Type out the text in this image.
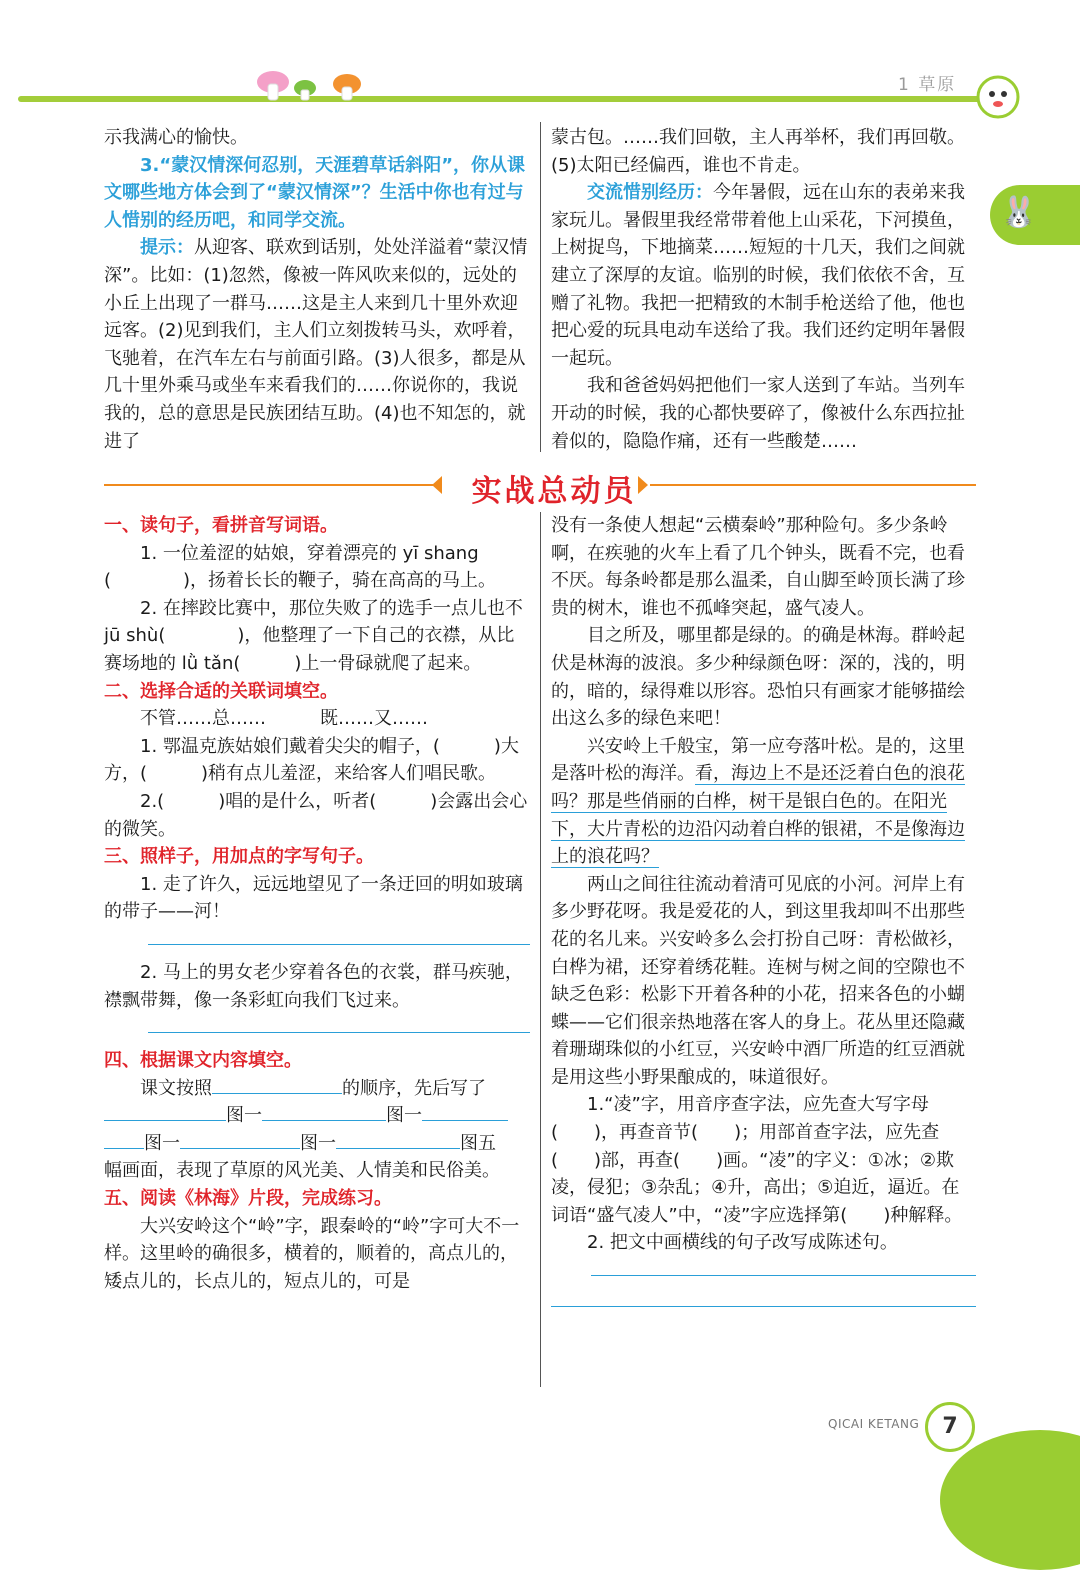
1 草原
🐰

示我满心的愉快。

3.“蒙汉情深何忍别，天涯碧草话斜阳”，你从课文哪些地方体会到了“蒙汉情深”？生活中你也有过与人惜别的经历吧，和同学交流。

提示：从迎客、联欢到话别，处处洋溢着“蒙汉情深”。比如：(1)忽然，像被一阵风吹来似的，远处的小丘上出现了一群马……这是主人来到几十里外欢迎远客。(2)见到我们，主人们立刻拨转马头，欢呼着，飞驰着，在汽车左右与前面引路。(3)人很多，都是从几十里外乘马或坐车来看我们的……你说你的，我说我的，总的意思是民族团结互助。(4)也不知怎的，就进了

蒙古包。……我们回敬，主人再举杯，我们再回敬。(5)太阳已经偏西，谁也不肯走。

交流惜别经历：今年暑假，远在山东的表弟来我家玩儿。暑假里我经常带着他上山采花，下河摸鱼，上树捉鸟，下地摘菜……短短的十几天，我们之间就建立了深厚的友谊。临别的时候，我们依依不舍，互赠了礼物。我把一把精致的木制手枪送给了他，他也把心爱的玩具电动车送给了我。我们还约定明年暑假一起玩。

我和爸爸妈妈把他们一家人送到了车站。当列车开动的时候，我的心都快要碎了，像被什么东西拉扯着似的，隐隐作痛，还有一些酸楚……

实战总动员

一、读句子，看拼音写词语。

1. 一位羞涩的姑娘，穿着漂亮的 yī shang

(　　　　)，扬着长长的鞭子，骑在高高的马上。

2. 在摔跤比赛中，那位失败了的选手一点儿也不 jū shù(　　　　)，他整理了一下自己的衣襟，从比赛场地的 lǜ tǎn(　　　)上一骨碌就爬了起来。

二、选择合适的关联词填空。

不管……总……　　　既……又……

1. 鄂温克族姑娘们戴着尖尖的帽子，(　　　)大方，(　　　)稍有点儿羞涩，来给客人们唱民歌。

2.(　　　)唱的是什么，听者(　　　)会露出会心的微笑。

三、照样子，用加点的字写句子。

1. 走了许久，远远地望见了一条迂回的明如玻璃的带子——河！

2. 马上的男女老少穿着各色的衣裳，群马疾驰，襟飘带舞，像一条彩虹向我们飞过来。

四、根据课文内容填空。

课文按照	的顺序，先后写了

图一	图一

图一	图一	图五

幅画面，表现了草原的风光美、人情美和民俗美。

五、阅读《林海》片段，完成练习。

大兴安岭这个“岭”字，跟秦岭的“岭”字可大不一样。这里岭的确很多，横着的，顺着的，高点儿的，矮点儿的，长点儿的，短点儿的，可是

没有一条使人想起“云横秦岭”那种险句。多少条岭啊，在疾驰的火车上看了几个钟头，既看不完，也看不厌。每条岭都是那么温柔，自山脚至岭顶长满了珍贵的树木，谁也不孤峰突起，盛气凌人。

目之所及，哪里都是绿的。的确是林海。群岭起伏是林海的波浪。多少种绿颜色呀：深的，浅的，明的，暗的，绿得难以形容。恐怕只有画家才能够描绘出这么多的绿色来吧！

兴安岭上千般宝，第一应夸落叶松。是的，这里是落叶松的海洋。看，海边上不是还泛着白色的浪花吗？那是些俏丽的白桦，树干是银白色的。在阳光下，大片青松的边沿闪动着白桦的银裙，不是像海边上的浪花吗？

两山之间往往流动着清可见底的小河。河岸上有多少野花呀。我是爱花的人，到这里我却叫不出那些花的名儿来。兴安岭多么会打扮自己呀：青松做衫，白桦为裙，还穿着绣花鞋。连树与树之间的空隙也不缺乏色彩：松影下开着各种的小花，招来各色的小蝴蝶——它们很亲热地落在客人的身上。花丛里还隐藏着珊瑚珠似的小红豆，兴安岭中酒厂所造的红豆酒就是用这些小野果酿成的，味道很好。

1.“凌”字，用音序查字法，应先查大写字母(　　)，再查音节(　　)；用部首查字法，应先查(　　)部，再查(　　)画。“凌”的字义：①冰；②欺凌，侵犯；③杂乱；④升，高出；⑤迫近，逼近。在词语“盛气凌人”中，“凌”字应选择第(　　)种解释。

2. 把文中画横线的句子改写成陈述句。

QICAI KETANG	7
